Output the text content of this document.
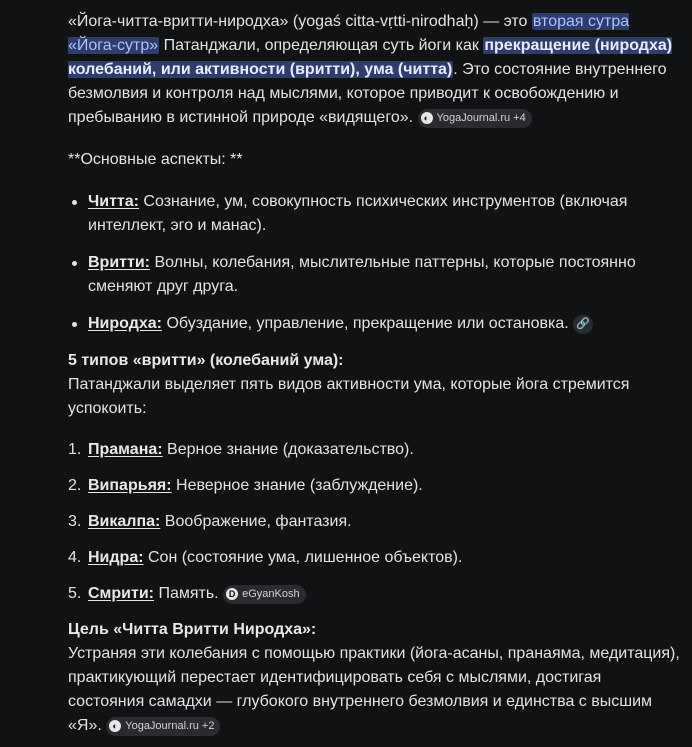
«Йога-читта-вритти-ниродха» (yogaś citta-vṛtti-nirodhaḥ) — это вторая сутра «Йога-сутр» Патанджали, определяющая суть йоги как прекращение (ниродха) колебаний, или активности (вритти), ума (читта). Это состояние внутреннего безмолвия и контроля над мыслями, которое приводит к освобождению и пребыванию в истинной природе «видящего».	◐ YogaJournal.ru +4

**Основные аспекты: **

Читта: Сознание, ум, совокупность психических инструментов (включая интеллект, эго и манас).
Вритти: Волны, колебания, мыслительные паттерны, которые постоянно сменяют друг друга.
Ниродха: Обуздание, управление, прекращение или остановка. 🔗
5 типов «вритти» (колебаний ума):

Патанджали выделяет пять видов активности ума, которые йога стремится успокоить:

1. Прамана: Верное знание (доказательство).
2. Випарьяя: Неверное знание (заблуждение).
3. Викалпа: Воображение, фантазия.
4. Нидра: Сон (состояние ума, лишенное объектов).
5. Смрити: Память.	D eGyanKosh
Цель «Читта Вритти Ниродха»:

Устраняя эти колебания с помощью практики (йога-асаны, пранаяма, медитация), практикующий перестает идентифицировать себя с мыслями, достигая состояния самадхи — глубокого внутреннего безмолвия и единства с высшим «Я».	◐ YogaJournal.ru +2
